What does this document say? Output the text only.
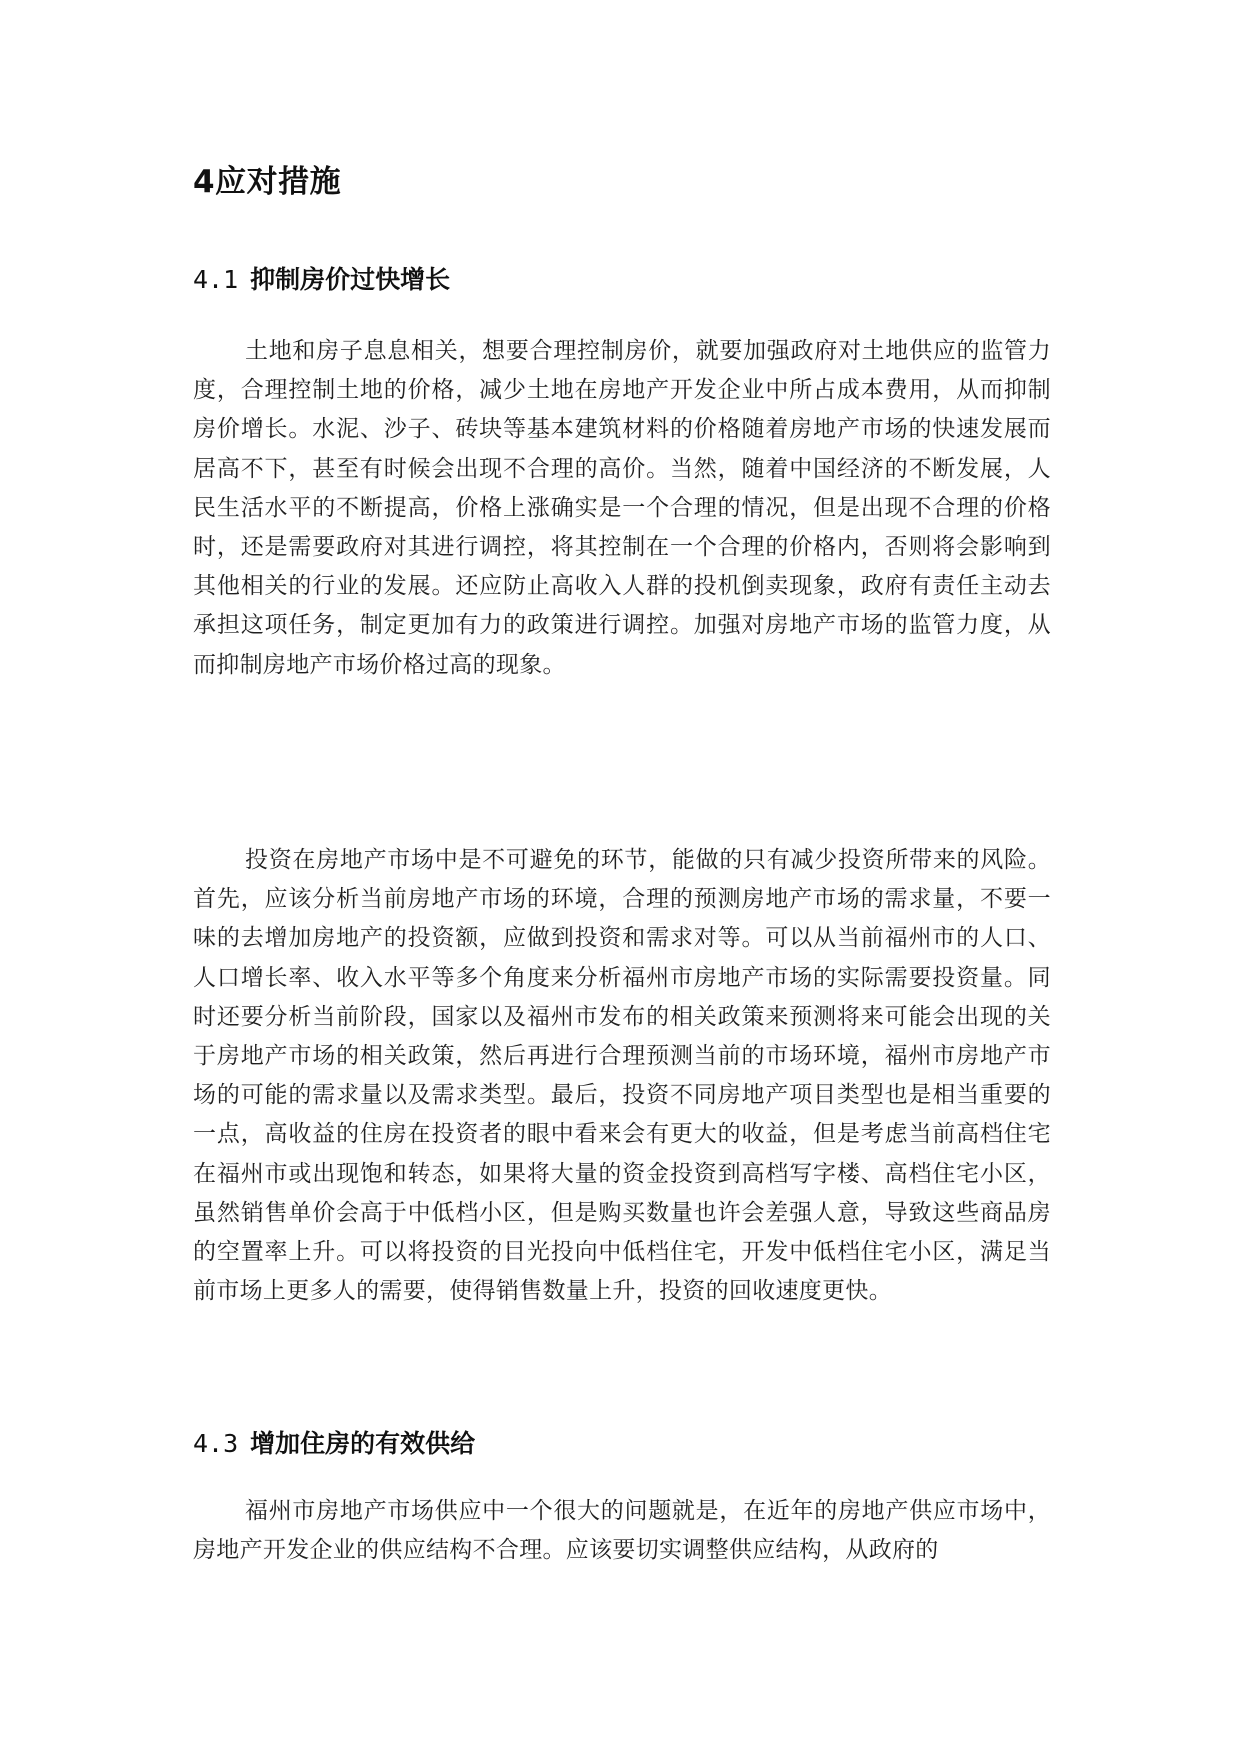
4应对措施
4.1 抑制房价过快增长

土地和房子息息相关，想要合理控制房价，就要加强政府对土地供应的监管力度，合理控制土地的价格，减少土地在房地产开发企业中所占成本费用，从而抑制房价增长。水泥、沙子、砖块等基本建筑材料的价格随着房地产市场的快速发展而居高不下，甚至有时候会出现不合理的高价。当然，随着中国经济的不断发展，人民生活水平的不断提高，价格上涨确实是一个合理的情况，但是出现不合理的价格时，还是需要政府对其进行调控，将其控制在一个合理的价格内，否则将会影响到其他相关的行业的发展。还应防止高收入人群的投机倒卖现象，政府有责任主动去承担这项任务，制定更加有力的政策进行调控。加强对房地产市场的监管力度，从而抑制房地产市场价格过高的现象。

投资在房地产市场中是不可避免的环节，能做的只有减少投资所带来的风险。首先，应该分析当前房地产市场的环境，合理的预测房地产市场的需求量，不要一味的去增加房地产的投资额，应做到投资和需求对等。可以从当前福州市的人口、人口增长率、收入水平等多个角度来分析福州市房地产市场的实际需要投资量。同时还要分析当前阶段，国家以及福州市发布的相关政策来预测将来可能会出现的关于房地产市场的相关政策，然后再进行合理预测当前的市场环境，福州市房地产市场的可能的需求量以及需求类型。最后，投资不同房地产项目类型也是相当重要的一点，高收益的住房在投资者的眼中看来会有更大的收益，但是考虑当前高档住宅在福州市或出现饱和转态，如果将大量的资金投资到高档写字楼、高档住宅小区，虽然销售单价会高于中低档小区，但是购买数量也许会差强人意，导致这些商品房的空置率上升。可以将投资的目光投向中低档住宅，开发中低档住宅小区，满足当前市场上更多人的需要，使得销售数量上升，投资的回收速度更快。

4.3 增加住房的有效供给

福州市房地产市场供应中一个很大的问题就是，在近年的房地产供应市场中，房地产开发企业的供应结构不合理。应该要切实调整供应结构，从政府的
